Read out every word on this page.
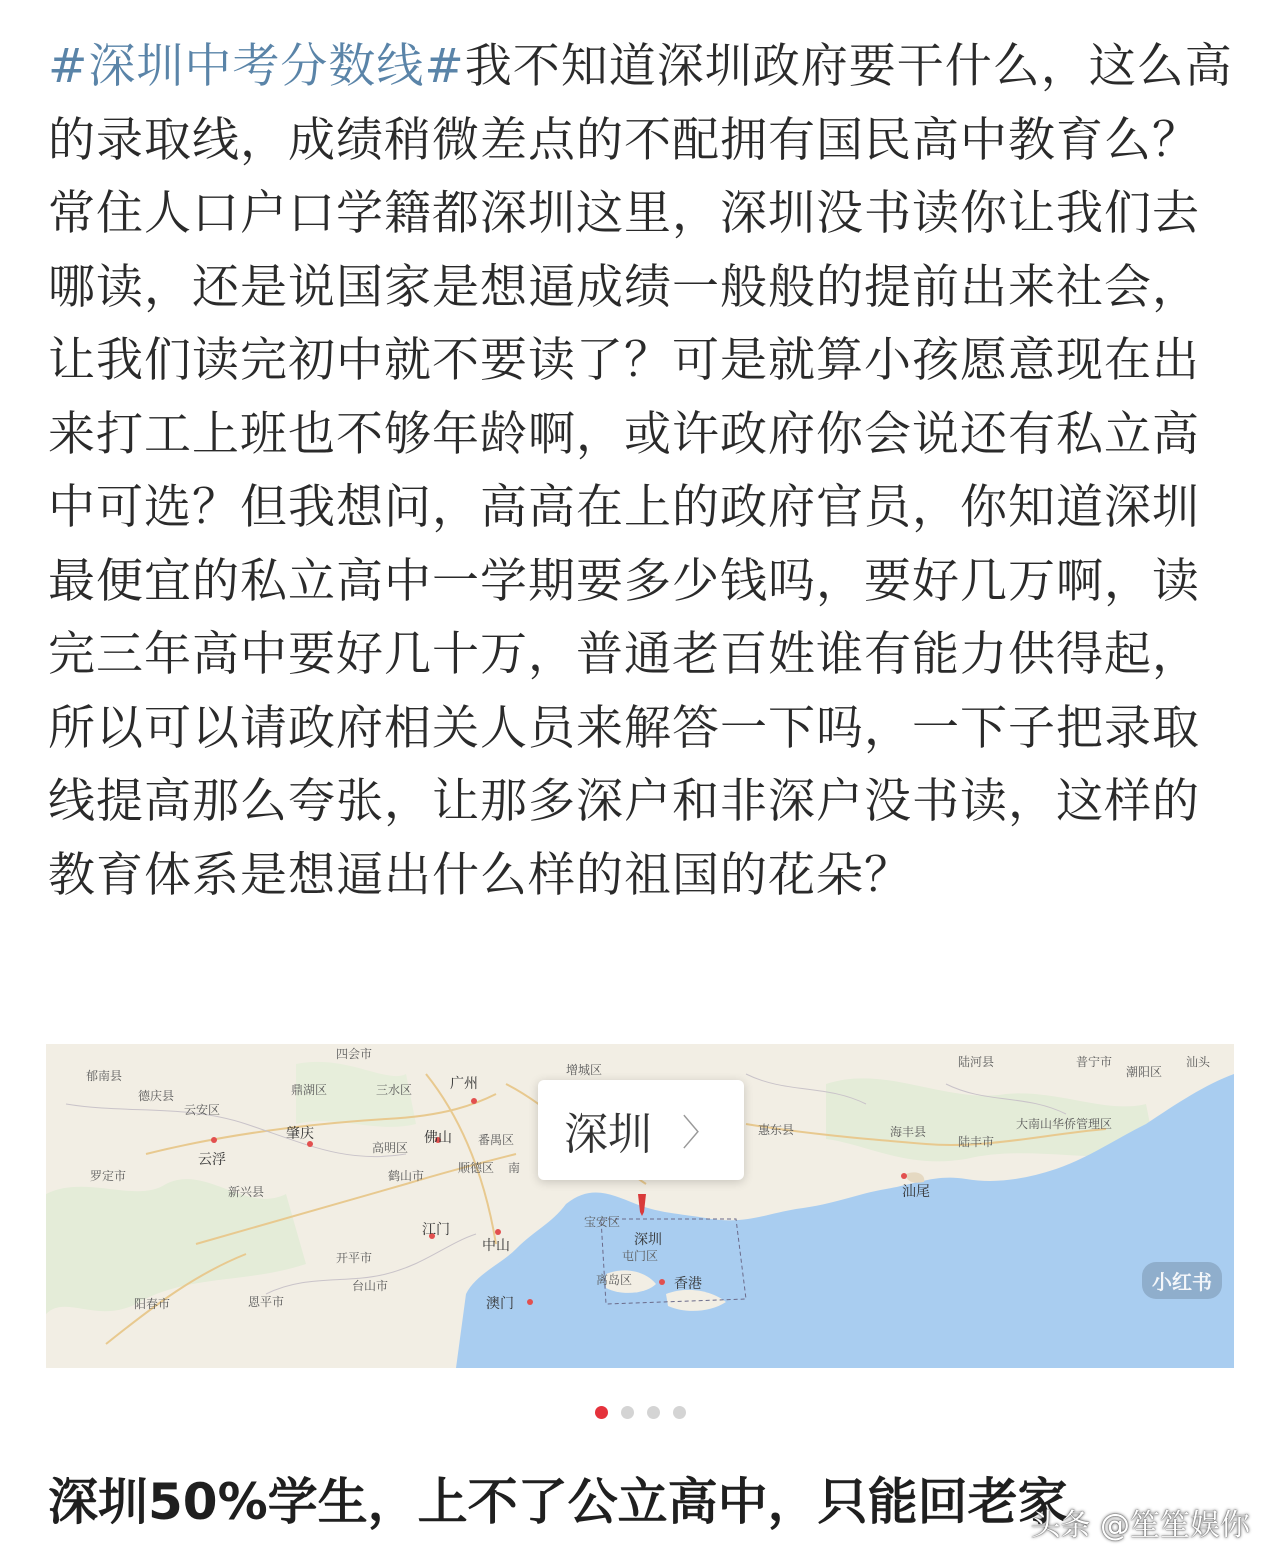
#深圳中考分数线#我不知道深圳政府要干什么，这么高的录取线，成绩稍微差点的不配拥有国民高中教育么？常住人口户口学籍都深圳这里，深圳没书读你让我们去哪读，还是说国家是想逼成绩一般般的提前出来社会，让我们读完初中就不要读了？可是就算小孩愿意现在出来打工上班也不够年龄啊，或许政府你会说还有私立高中可选？但我想问，高高在上的政府官员，你知道深圳最便宜的私立高中一学期要多少钱吗，要好几万啊，读完三年高中要好几十万，普通老百姓谁有能力供得起，所以可以请政府相关人员来解答一下吗，一下子把录取线提高那么夸张，让那多深户和非深户没书读，这样的教育体系是想逼出什么样的祖国的花朵？

四会市
增城区
陆河县	普宁市	汕头
郁南县
德庆县	鼎湖区	三水区	广州
潮阳区
云安区
肇庆	佛山 番禺区
惠东县	海丰县
陆丰市
大南山华侨管理区
云浮
高明区
顺德区 南
罗定市
新兴县
鹤山市
汕尾
江门
中山
宝安区
深圳
屯门区
开平市
台山市	离岛区	香港
阳春市	恩平市	澳门
深圳 〉
小红书

深圳50%学生，上不了公立高中，只能回老家

头条 @笙笙娱你
